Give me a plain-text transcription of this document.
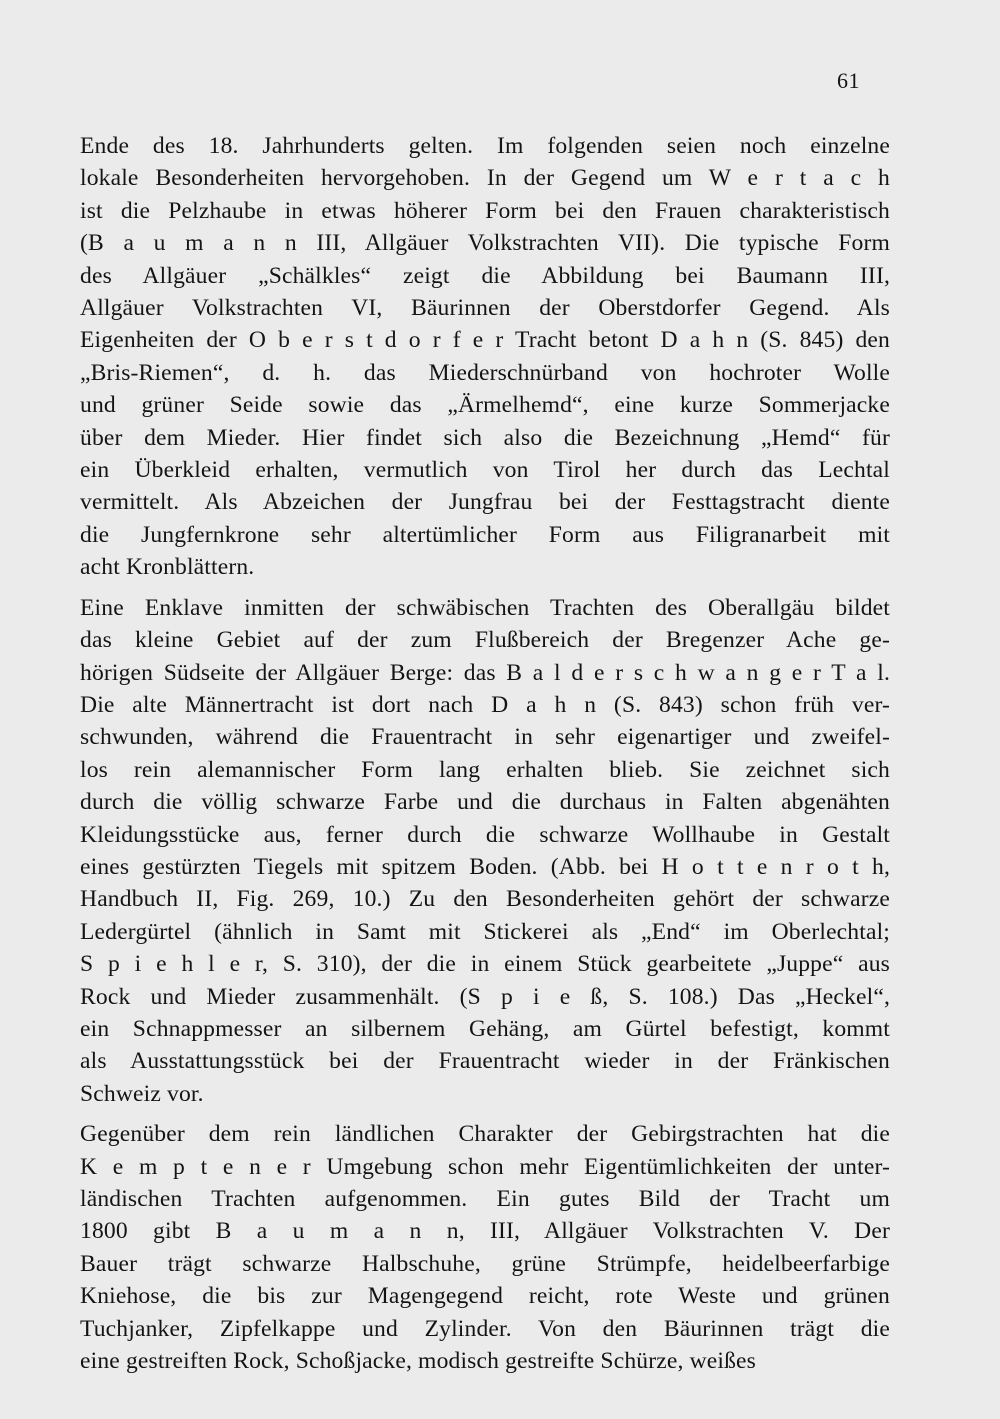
61
Ende des 18. Jahrhunderts gelten. Im folgenden seien noch einzelne
lokale Besonderheiten hervorgehoben. In der Gegend um W e r t a c h
ist die Pelzhaube in etwas höherer Form bei den Frauen charakteristisch
(B a u m a n n III, Allgäuer Volkstrachten VII). Die typische Form
des Allgäuer „Schälkles“ zeigt die Abbildung bei Baumann III,
Allgäuer Volkstrachten VI, Bäurinnen der Oberstdorfer Gegend. Als
Eigenheiten der O b e r s t d o r f e r Tracht betont D a h n (S. 845) den
„Bris-Riemen“, d. h. das Miederschnürband von hochroter Wolle
und grüner Seide sowie das „Ärmelhemd“, eine kurze Sommerjacke
über dem Mieder. Hier findet sich also die Bezeichnung „Hemd“ für
ein Überkleid erhalten, vermutlich von Tirol her durch das Lechtal
vermittelt. Als Abzeichen der Jungfrau bei der Festtagstracht diente
die Jungfernkrone sehr altertümlicher Form aus Filigranarbeit mit
acht Kronblättern.
Eine Enklave inmitten der schwäbischen Trachten des Oberallgäu bildet
das kleine Gebiet auf der zum Flußbereich der Bregenzer Ache ge-
hörigen Südseite der Allgäuer Berge: das B a l d e r s c h w a n g e r T a l.
Die alte Männertracht ist dort nach D a h n (S. 843) schon früh ver-
schwunden, während die Frauentracht in sehr eigenartiger und zweifel-
los rein alemannischer Form lang erhalten blieb. Sie zeichnet sich
durch die völlig schwarze Farbe und die durchaus in Falten abgenähten
Kleidungsstücke aus, ferner durch die schwarze Wollhaube in Gestalt
eines gestürzten Tiegels mit spitzem Boden. (Abb. bei H o t t e n r o t h,
Handbuch II, Fig. 269, 10.) Zu den Besonderheiten gehört der schwarze
Ledergürtel (ähnlich in Samt mit Stickerei als „End“ im Oberlechtal;
S p i e h l e r, S. 310), der die in einem Stück gearbeitete „Juppe“ aus
Rock und Mieder zusammenhält. (S p i e ß, S. 108.) Das „Heckel“,
ein Schnappmesser an silbernem Gehäng, am Gürtel befestigt, kommt
als Ausstattungsstück bei der Frauentracht wieder in der Fränkischen
Schweiz vor.
Gegenüber dem rein ländlichen Charakter der Gebirgstrachten hat die
K e m p t e n e r Umgebung schon mehr Eigentümlichkeiten der unter-
ländischen Trachten aufgenommen. Ein gutes Bild der Tracht um
1800 gibt B a u m a n n, III, Allgäuer Volkstrachten V. Der
Bauer trägt schwarze Halbschuhe, grüne Strümpfe, heidelbeerfarbige
Kniehose, die bis zur Magengegend reicht, rote Weste und grünen
Tuchjanker, Zipfelkappe und Zylinder. Von den Bäurinnen trägt die
eine gestreiften Rock, Schoßjacke, modisch gestreifte Schürze, weißes
